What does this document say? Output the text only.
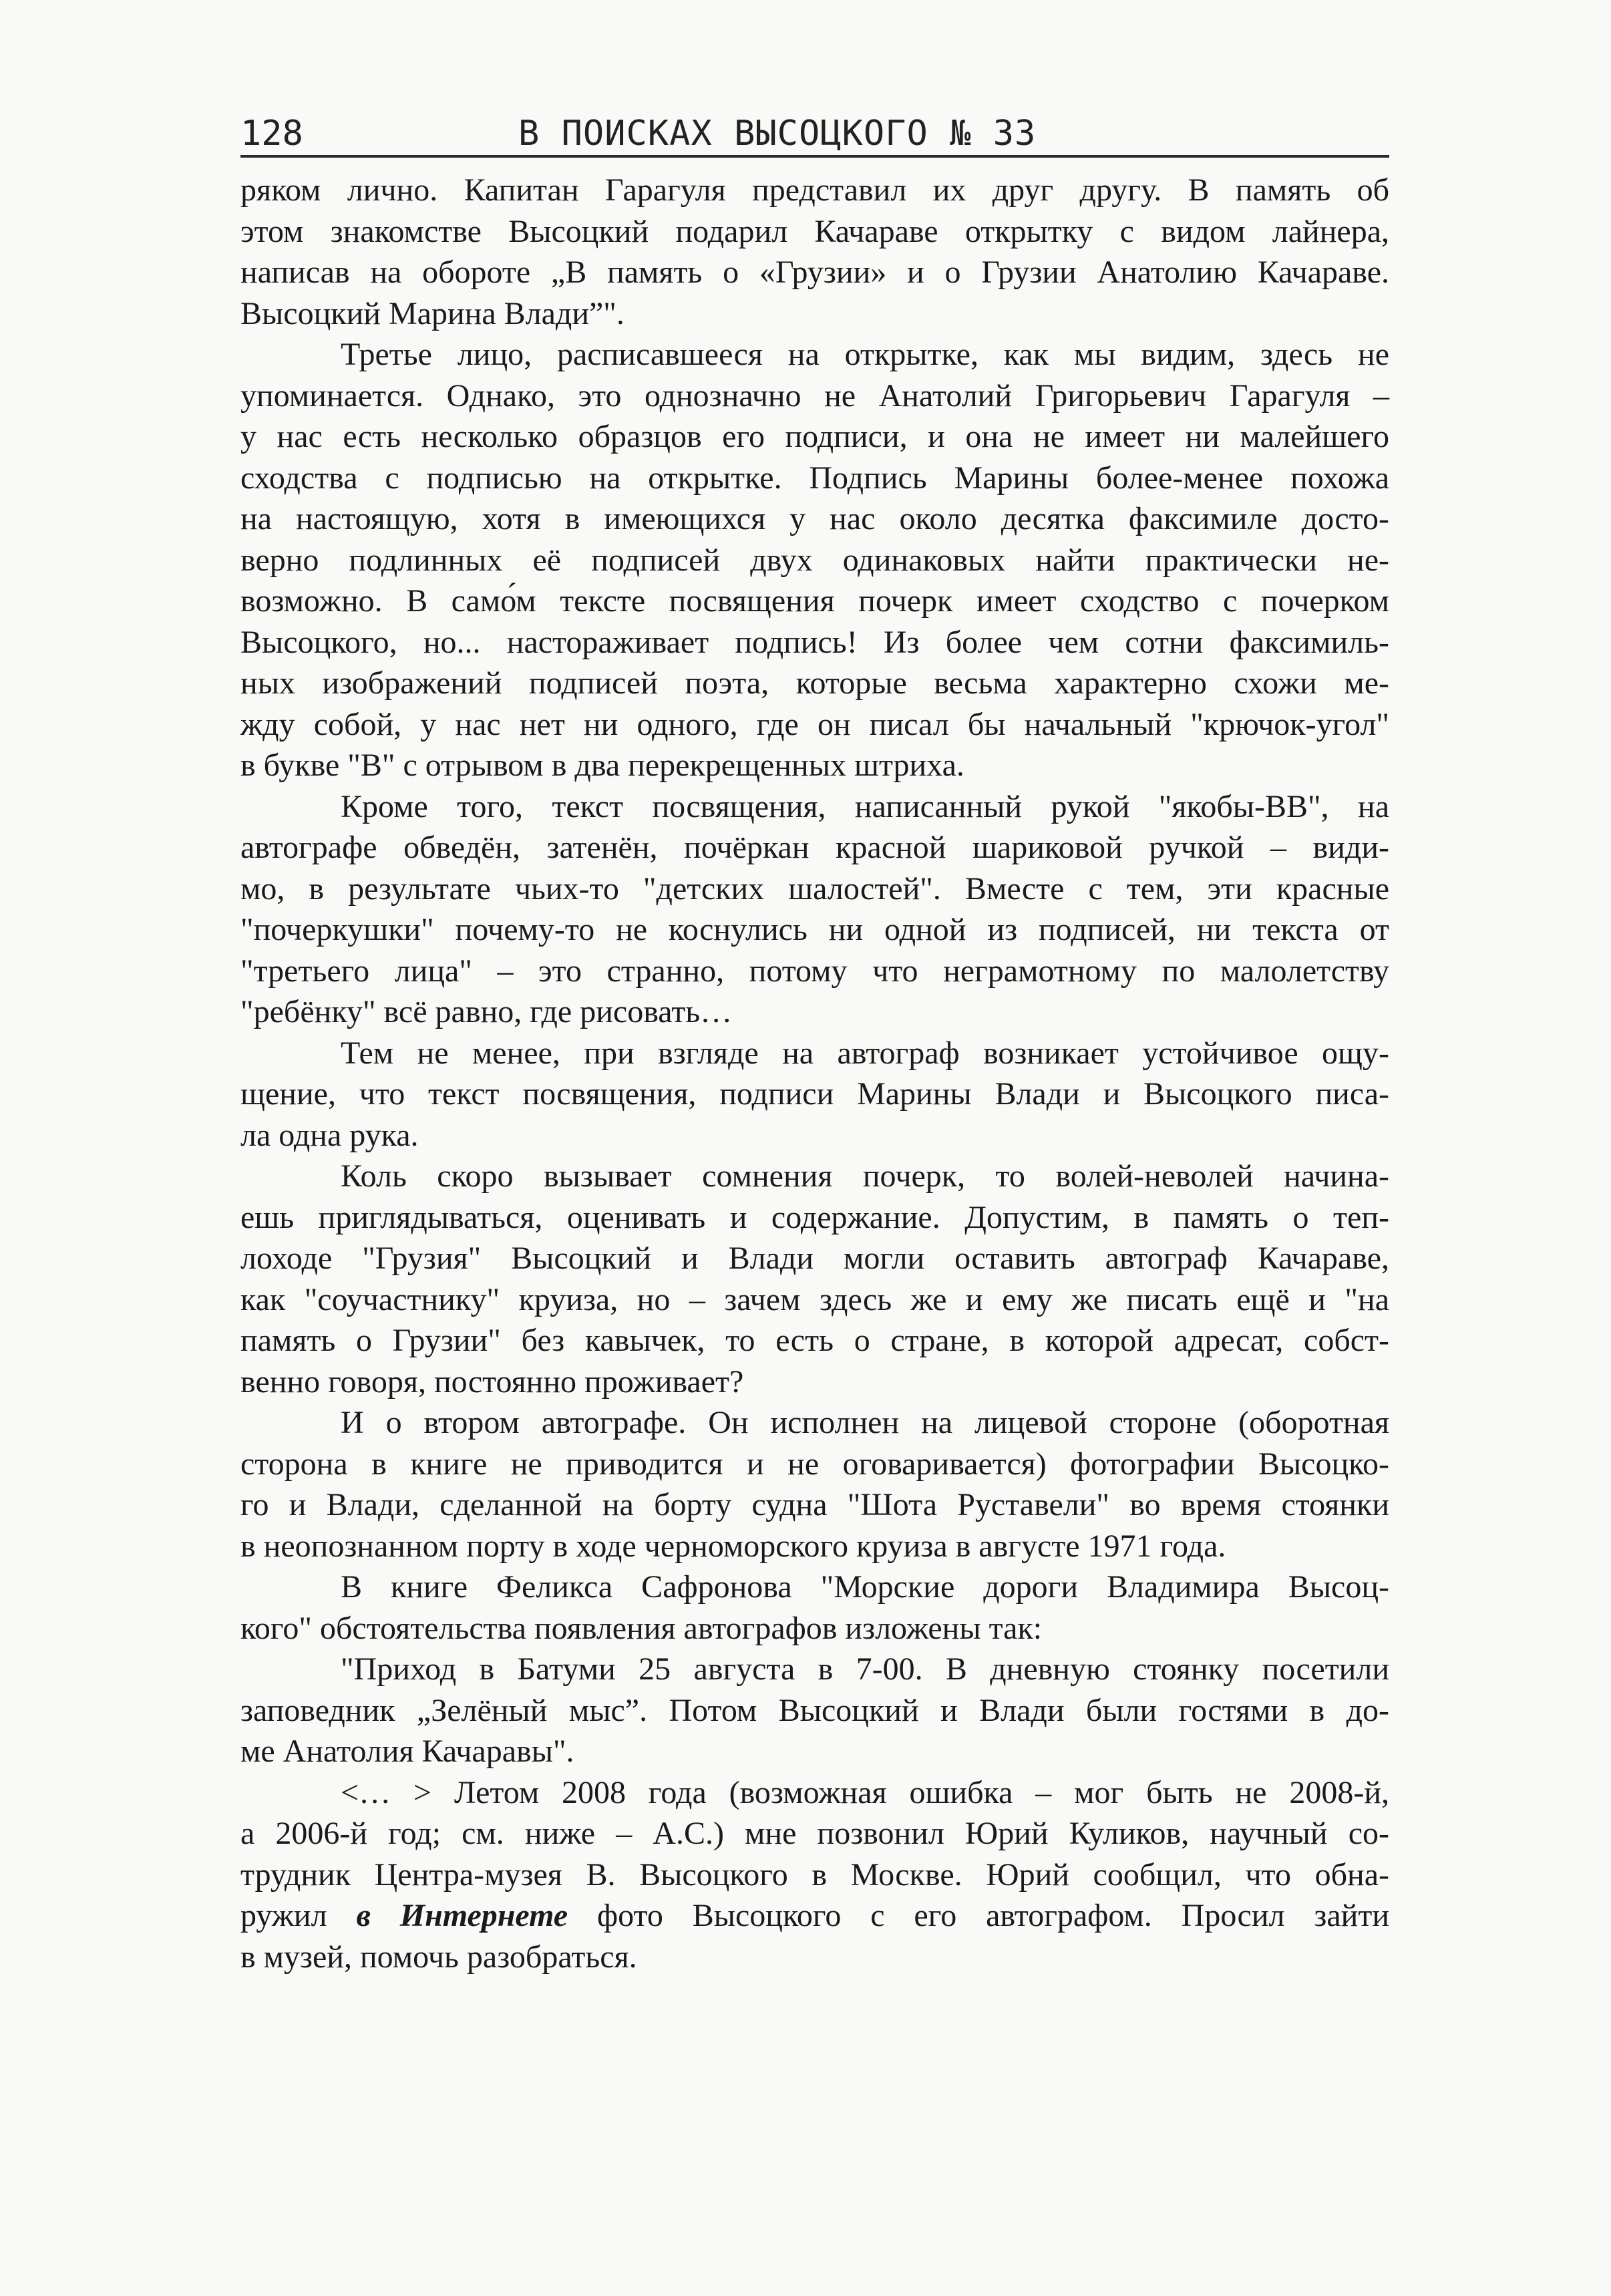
128	В ПОИСКАХ ВЫСОЦКОГО № 33
ряком лично. Капитан Гарагуля представил их друг другу. В память об
этом знакомстве Высоцкий подарил Качараве открытку с видом лайнера,
написав на обороте „В память о «Грузии» и о Грузии Анатолию Качараве.
Высоцкий Марина Влади”".
Третье лицо, расписавшееся на открытке, как мы видим, здесь не
упоминается. Однако, это однозначно не Анатолий Григорьевич Гарагуля –
у нас есть несколько образцов его подписи, и она не имеет ни малейшего
сходства с подписью на открытке. Подпись Марины более-менее похожа
на настоящую, хотя в имеющихся у нас около десятка факсимиле досто-
верно подлинных её подписей двух одинаковых найти практически не-
возможно. В само́м тексте посвящения почерк имеет сходство с почерком
Высоцкого, но... настораживает подпись! Из более чем сотни факсимиль-
ных изображений подписей поэта, которые весьма характерно схожи ме-
жду собой, у нас нет ни одного, где он писал бы начальный "крючок-угол"
в букве "В" с отрывом в два перекрещенных штриха.
Кроме того, текст посвящения, написанный рукой "якобы-ВВ", на
автографе обведён, затенён, почёркан красной шариковой ручкой – види-
мо, в результате чьих-то "детских шалостей". Вместе с тем, эти красные
"почеркушки" почему-то не коснулись ни одной из подписей, ни текста от
"третьего лица" – это странно, потому что неграмотному по малолетству
"ребёнку" всё равно, где рисовать…
Тем не менее, при взгляде на автограф возникает устойчивое ощу-
щение, что текст посвящения, подписи Марины Влади и Высоцкого писа-
ла одна рука.
Коль скоро вызывает сомнения почерк, то волей-неволей начина-
ешь приглядываться, оценивать и содержание. Допустим, в память о теп-
лоходе "Грузия" Высоцкий и Влади могли оставить автограф Качараве,
как "соучастнику" круиза, но – зачем здесь же и ему же писать ещё и "на
память о Грузии" без кавычек, то есть о стране, в которой адресат, собст-
венно говоря, постоянно проживает?
И о втором автографе. Он исполнен на лицевой стороне (оборотная
сторона в книге не приводится и не оговаривается) фотографии Высоцко-
го и Влади, сделанной на борту судна "Шота Руставели" во время стоянки
в неопознанном порту в ходе черноморского круиза в августе 1971 года.
В книге Феликса Сафронова "Морские дороги Владимира Высоц-
кого" обстоятельства появления автографов изложены так:
"Приход в Батуми 25 августа в 7-00. В дневную стоянку посетили
заповедник „Зелёный мыс”. Потом Высоцкий и Влади были гостями в до-
ме Анатолия Качаравы".
<… > Летом 2008 года (возможная ошибка – мог быть не 2008-й,
а 2006-й год; см. ниже – А.С.) мне позвонил Юрий Куликов, научный со-
трудник Центра-музея В. Высоцкого в Москве. Юрий сообщил, что обна-
ружил в Интернете фото Высоцкого с его автографом. Просил зайти
в музей, помочь разобраться.
